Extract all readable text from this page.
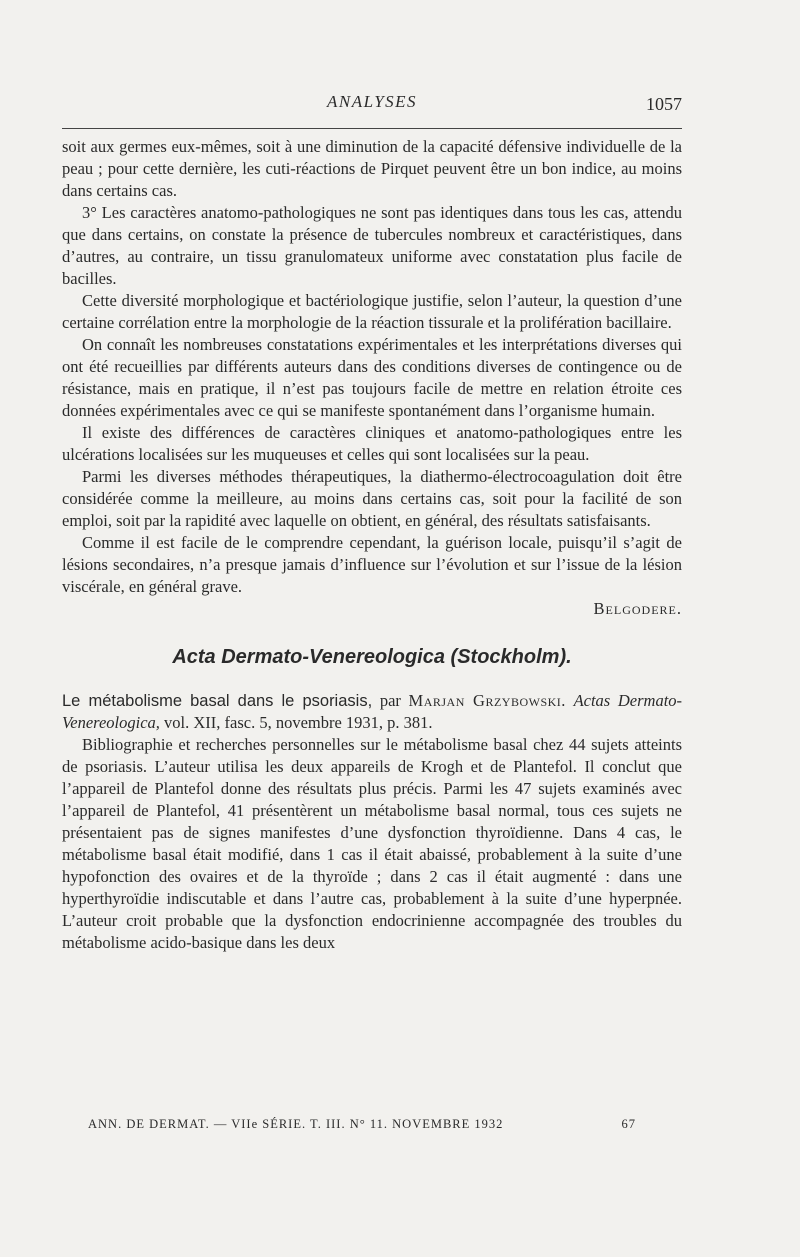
ANALYSES	1057

soit aux germes eux-mêmes, soit à une diminution de la capacité défensive individuelle de la peau ; pour cette dernière, les cuti-réactions de Pirquet peuvent être un bon indice, au moins dans certains cas.

3° Les caractères anatomo-pathologiques ne sont pas identiques dans tous les cas, attendu que dans certains, on constate la présence de tubercules nombreux et caractéristiques, dans d’autres, au contraire, un tissu granulomateux uniforme avec constatation plus facile de bacilles.

Cette diversité morphologique et bactériologique justifie, selon l’auteur, la question d’une certaine corrélation entre la morphologie de la réaction tissurale et la prolifération bacillaire.

On connaît les nombreuses constatations expérimentales et les interprétations diverses qui ont été recueillies par différents auteurs dans des conditions diverses de contingence ou de résistance, mais en pratique, il n’est pas toujours facile de mettre en relation étroite ces données expérimentales avec ce qui se manifeste spontanément dans l’organisme humain.

Il existe des différences de caractères cliniques et anatomo-pathologiques entre les ulcérations localisées sur les muqueuses et celles qui sont localisées sur la peau.

Parmi les diverses méthodes thérapeutiques, la diathermo-électrocoagulation doit être considérée comme la meilleure, au moins dans certains cas, soit pour la facilité de son emploi, soit par la rapidité avec laquelle on obtient, en général, des résultats satisfaisants.

Comme il est facile de le comprendre cependant, la guérison locale, puisqu’il s’agit de lésions secondaires, n’a presque jamais d’influence sur l’évolution et sur l’issue de la lésion viscérale, en général grave.

Belgodere.
Acta Dermato-Venereologica (Stockholm).

Le métabolisme basal dans le psoriasis, par Marjan Grzybowski. Actas Dermato-Venereologica, vol. XII, fasc. 5, novembre 1931, p. 381.

Bibliographie et recherches personnelles sur le métabolisme basal chez 44 sujets atteints de psoriasis. L’auteur utilisa les deux appareils de Krogh et de Plantefol. Il conclut que l’appareil de Plantefol donne des résultats plus précis. Parmi les 47 sujets examinés avec l’appareil de Plantefol, 41 présentèrent un métabolisme basal normal, tous ces sujets ne présentaient pas de signes manifestes d’une dysfonction thyroïdienne. Dans 4 cas, le métabolisme basal était modifié, dans 1 cas il était abaissé, probablement à la suite d’une hypofonction des ovaires et de la thyroïde ; dans 2 cas il était augmenté : dans une hyperthyroïdie indiscutable et dans l’autre cas, probablement à la suite d’une hyperpnée. L’auteur croit probable que la dysfonction endocrinienne accompagnée des troubles du métabolisme acido-basique dans les deux

ANN. DE DERMAT. — VIIe SÉRIE. T. III. N° 11. NOVEMBRE 1932	67
